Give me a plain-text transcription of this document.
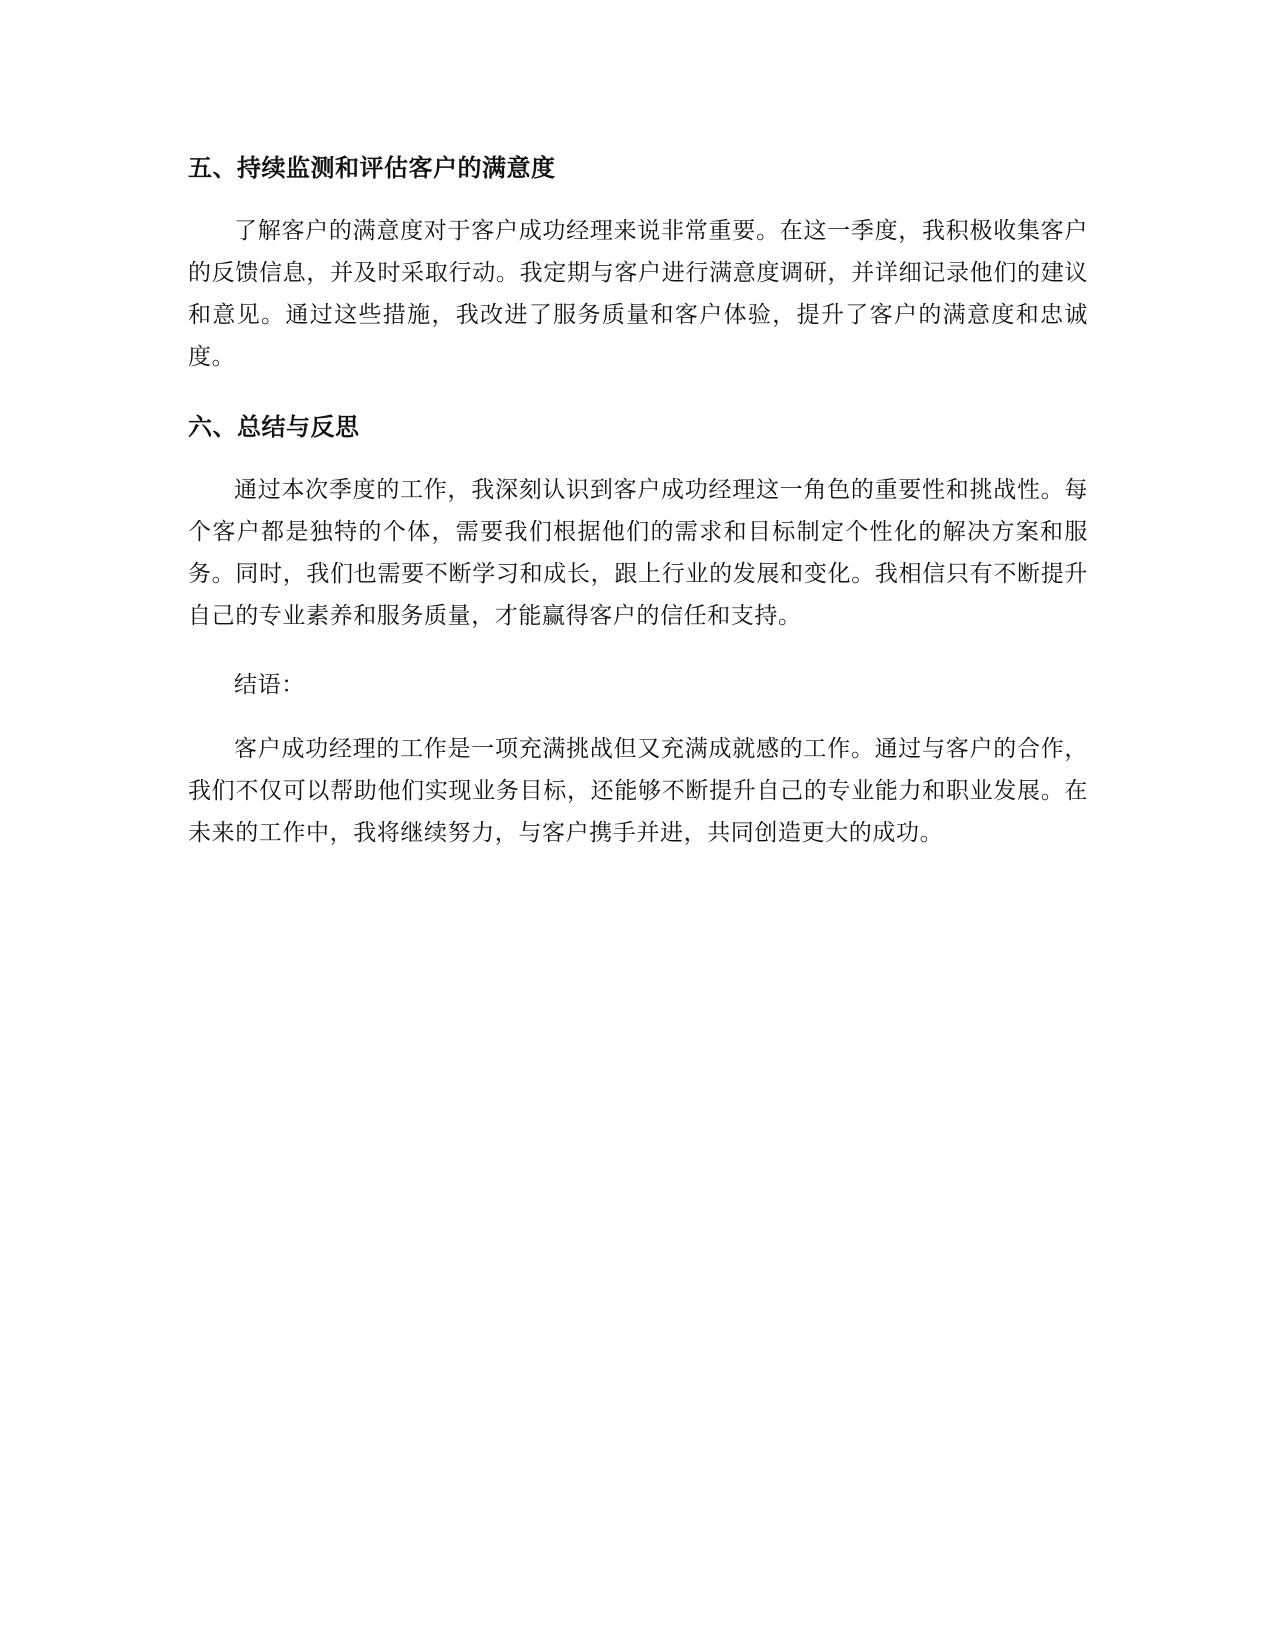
五、持续监测和评估客户的满意度

了解客户的满意度对于客户成功经理来说非常重要。在这一季度，我积极收集客户的反馈信息，并及时采取行动。我定期与客户进行满意度调研，并详细记录他们的建议和意见。通过这些措施，我改进了服务质量和客户体验，提升了客户的满意度和忠诚度。

六、总结与反思

通过本次季度的工作，我深刻认识到客户成功经理这一角色的重要性和挑战性。每个客户都是独特的个体，需要我们根据他们的需求和目标制定个性化的解决方案和服务。同时，我们也需要不断学习和成长，跟上行业的发展和变化。我相信只有不断提升自己的专业素养和服务质量，才能赢得客户的信任和支持。

结语：

客户成功经理的工作是一项充满挑战但又充满成就感的工作。通过与客户的合作，我们不仅可以帮助他们实现业务目标，还能够不断提升自己的专业能力和职业发展。在未来的工作中，我将继续努力，与客户携手并进，共同创造更大的成功。
